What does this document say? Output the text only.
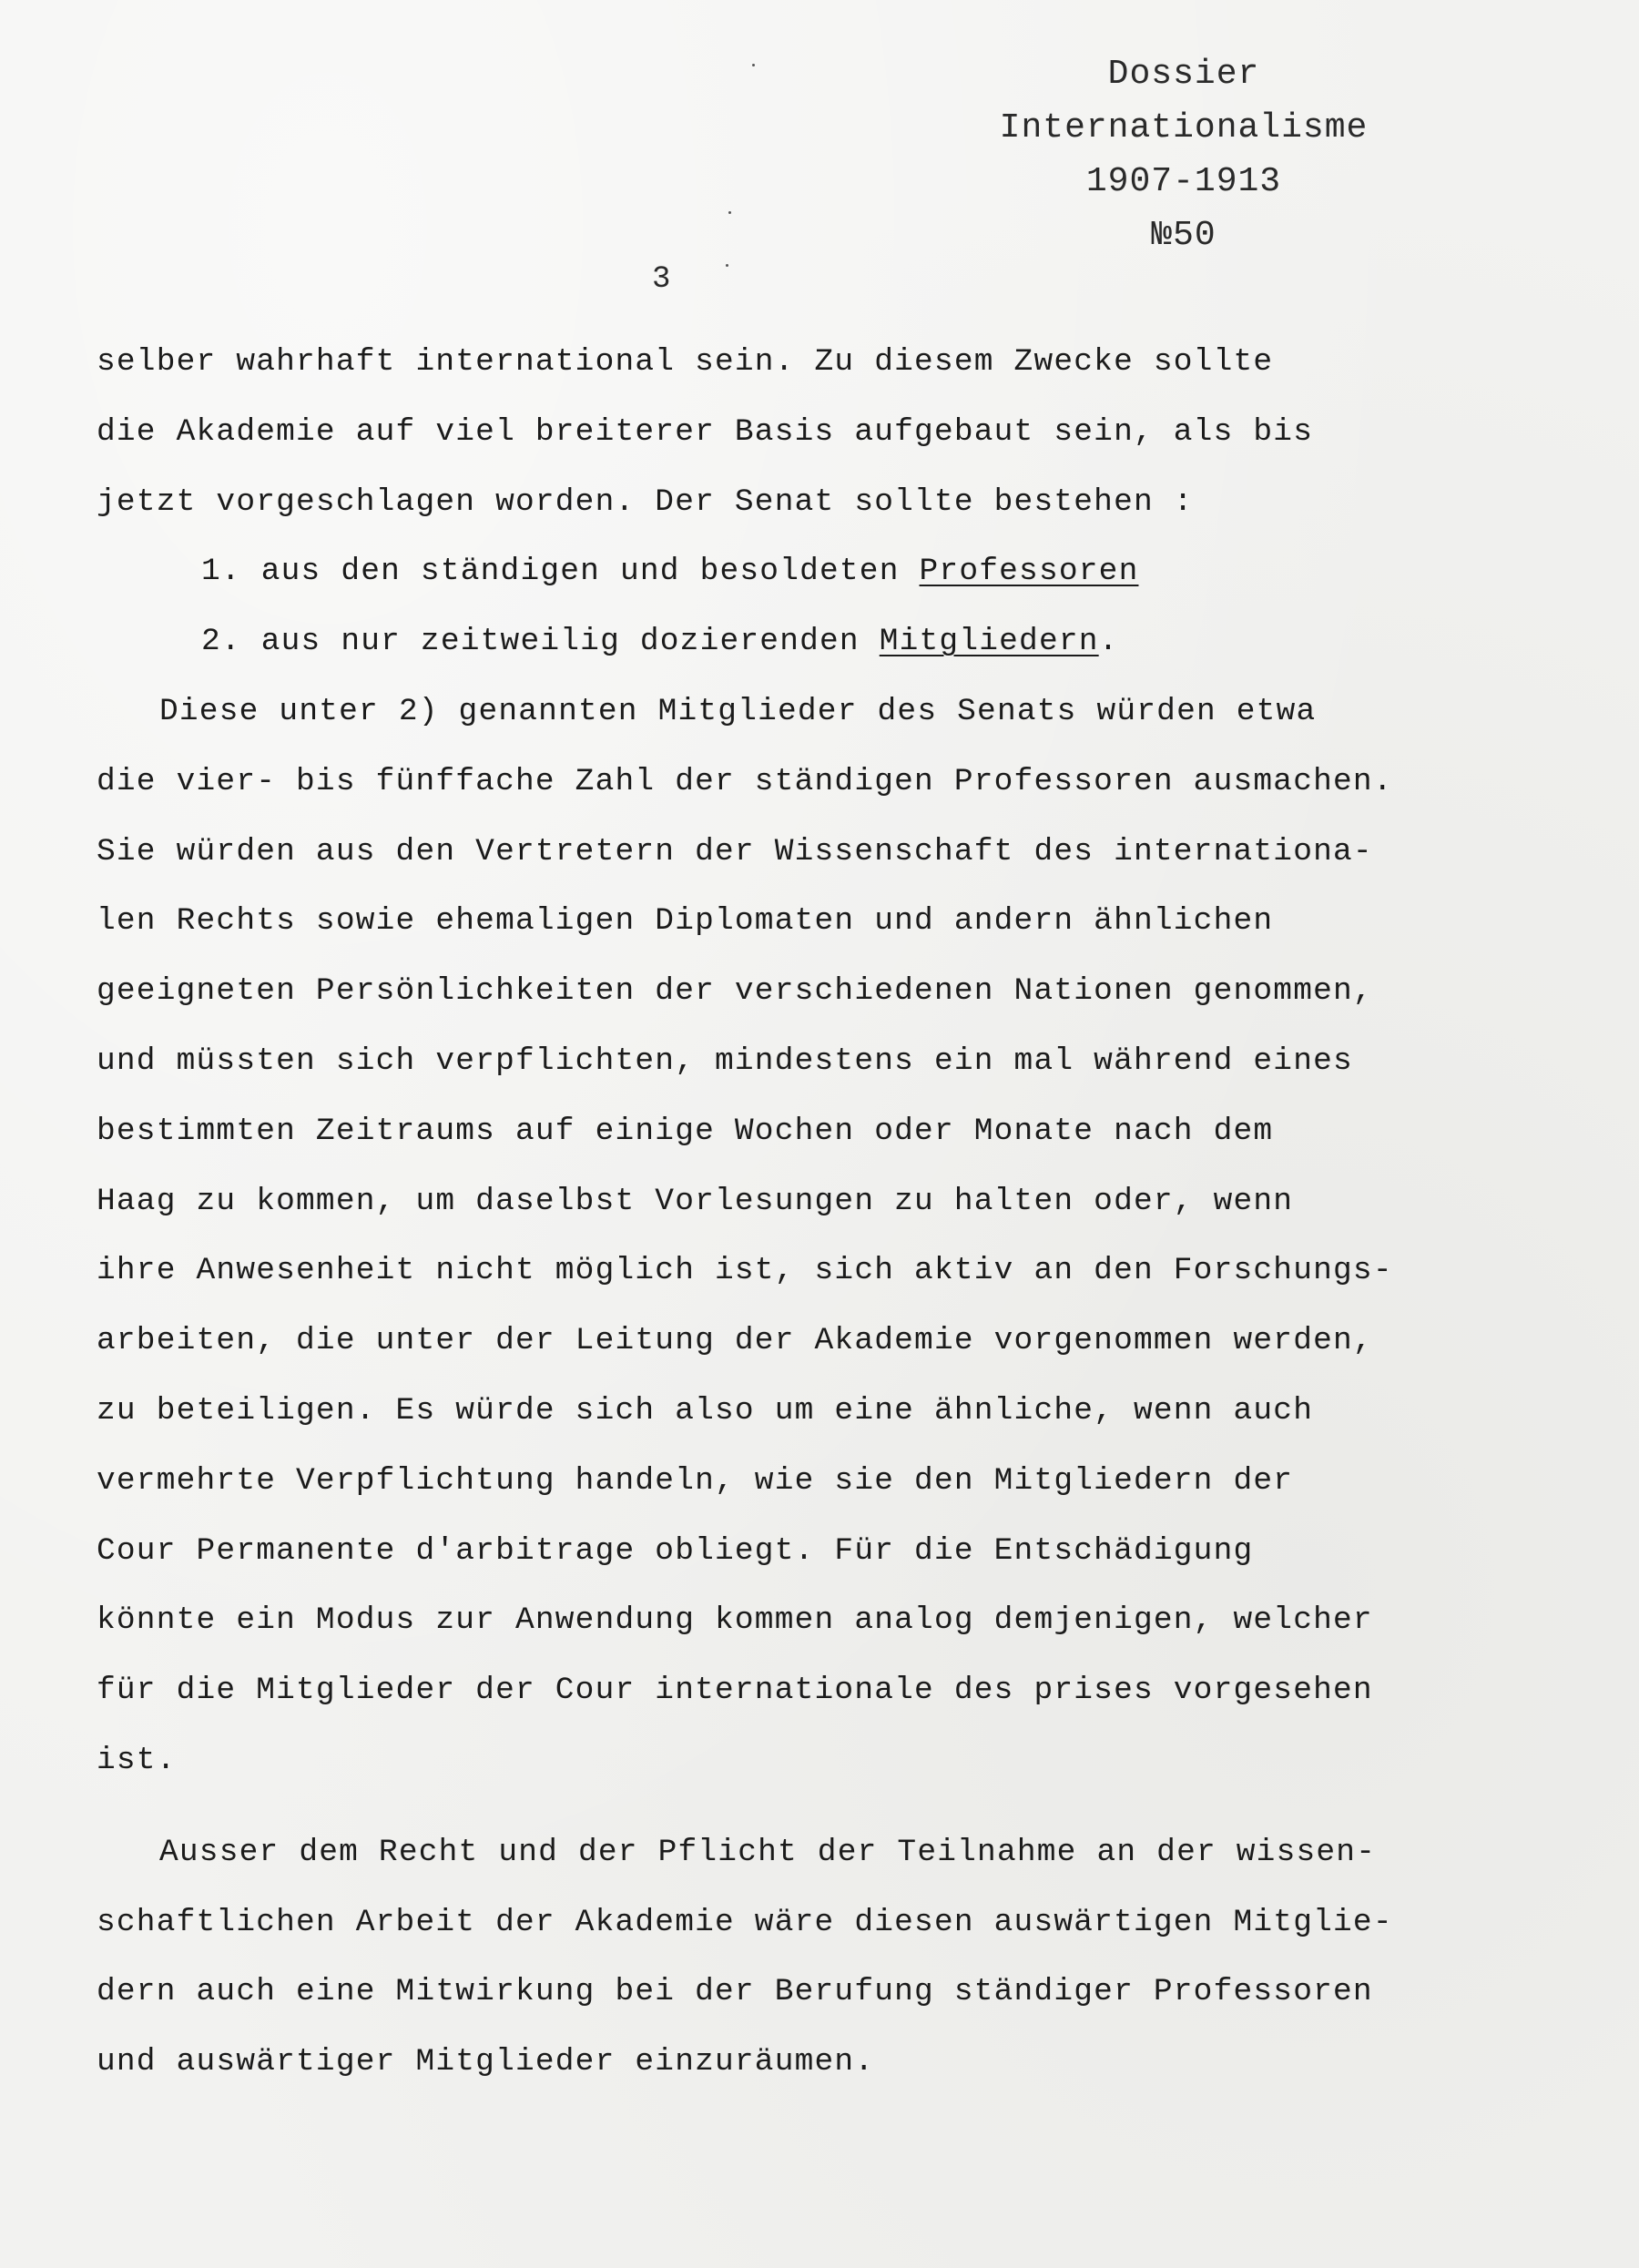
Dossier
Internationalisme
1907-1913
№50
3
selber wahrhaft international sein. Zu diesem Zwecke sollte
die Akademie auf viel breiterer Basis aufgebaut sein, als bis
jetzt vorgeschlagen worden. Der Senat sollte bestehen :
1. aus den ständigen und besoldeten Professoren
2. aus nur zeitweilig dozierenden Mitgliedern.
Diese unter 2) genannten Mitglieder des Senats würden etwa
die vier- bis fünffache Zahl der ständigen Professoren ausmachen.
Sie würden aus den Vertretern der Wissenschaft des internationa-
len Rechts sowie ehemaligen Diplomaten und andern ähnlichen
geeigneten Persönlichkeiten der verschiedenen Nationen genommen,
und müssten sich verpflichten, mindestens ein mal während eines
bestimmten Zeitraums auf einige Wochen oder Monate nach dem
Haag zu kommen, um daselbst Vorlesungen zu halten oder, wenn
ihre Anwesenheit nicht möglich ist, sich aktiv an den Forschungs-
arbeiten, die unter der Leitung der Akademie vorgenommen werden,
zu beteiligen. Es würde sich also um eine ähnliche, wenn auch
vermehrte Verpflichtung handeln, wie sie den Mitgliedern der
Cour Permanente d'arbitrage obliegt. Für die Entschädigung
könnte ein Modus zur Anwendung kommen analog demjenigen, welcher
für die Mitglieder der Cour internationale des prises vorgesehen
ist.
Ausser dem Recht und der Pflicht der Teilnahme an der wissen-
schaftlichen Arbeit der Akademie wäre diesen auswärtigen Mitglie-
dern auch eine Mitwirkung bei der Berufung ständiger Professoren
und auswärtiger Mitglieder einzuräumen.
